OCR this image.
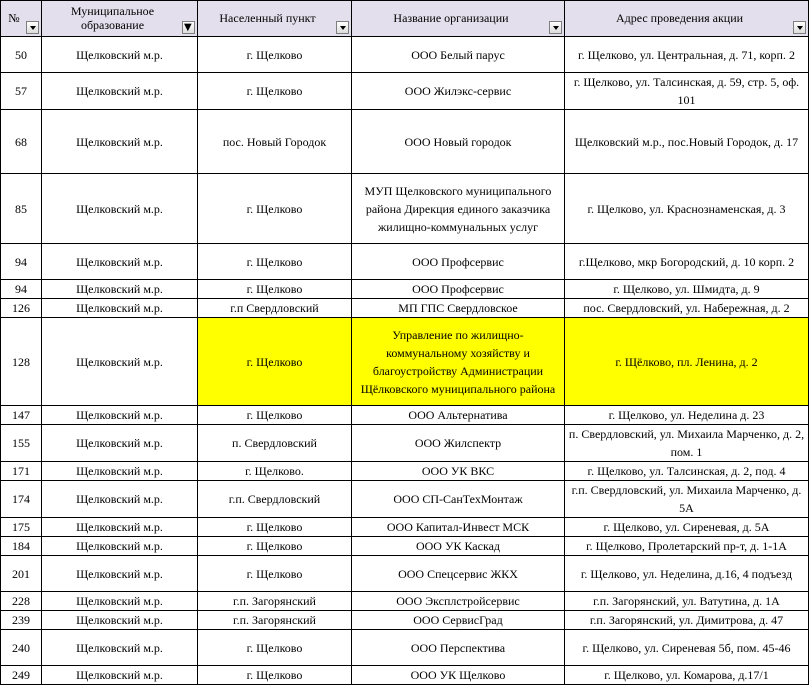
№	Муниципальное образование ▼	Населенный пункт	Название организации	Адрес проведения акции

50	Щелковский м.р.	г. Щелково	ООО Белый парус	г. Щелково, ул. Центральная, д. 71, корп. 2
57	Щелковский м.р.	г. Щелково	ООО Жилэкс-сервис	г. Щелково, ул. Талсинская, д. 59, стр. 5, оф. 101
68	Щелковский м.р.	пос. Новый Городок	ООО Новый городок	Щелковский м.р., пос.Новый Городок, д. 17
85	Щелковский м.р.	г. Щелково	МУП Щелковского муниципального района Дирекция единого заказчика жилищно-коммунальных услуг	г. Щелково, ул. Краснознаменская, д. 3
94	Щелковский м.р.	г. Щелково	ООО Профсервис	г.Щелково, мкр Богородский, д. 10 корп. 2
94	Щелковский м.р.	г. Щелково	ООО Профсервис	г. Щелково, ул. Шмидта, д. 9
126	Щелковский м.р.	г.п Свердловский	МП ГПС Свердловское	пос. Свердловский, ул. Набережная, д. 2
128	Щелковский м.р.	г. Щелково	Управление по жилищно-коммунальному хозяйству и благоустройству Администрации Щёлковского муниципального района	г. Щёлково, пл. Ленина, д. 2
147	Щелковский м.р.	г. Щелково	ООО Альтернатива	г. Щелково, ул. Неделина д. 23
155	Щелковский м.р.	п. Свердловский	ООО Жилспектр	п. Свердловский, ул. Михаила Марченко, д. 2, пом. 1
171	Щелковский м.р.	г. Щелково.	ООО УК ВКС	г. Щелково, ул. Талсинская, д. 2, под. 4
174	Щелковский м.р.	г.п. Свердловский	ООО СП-СанТехМонтаж	г.п. Свердловский, ул. Михаила Марченко, д. 5А
175	Щелковский м.р.	г. Щелково	ООО Капитал-Инвест МСК	г. Щелково, ул. Сиреневая, д. 5А
184	Щелковский м.р.	г. Щелково	ООО УК Каскад	г. Щелково, Пролетарский пр-т, д. 1-1А
201	Щелковский м.р.	г. Щелково	ООО Спецсервис ЖКХ	г. Щелково, ул. Неделина, д.16, 4 подъезд
228	Щелковский м.р.	г.п. Загорянский	ООО Эксплстройсервис	г.п. Загорянский, ул. Ватутина, д. 1А
239	Щелковский м.р.	г.п. Загорянский	ООО СервисГрад	г.п. Загорянский, ул. Димитрова, д. 47
240	Щелковский м.р.	г. Щелково	ООО Перспектива	г. Щелково, ул. Сиреневая 5б, пом. 45-46
249	Щелковский м.р.	г. Щелково	ООО УК Щелково	г. Щелково, ул. Комарова, д.17/1
